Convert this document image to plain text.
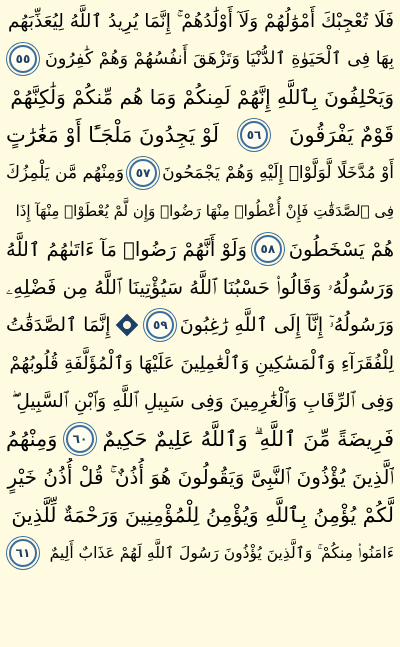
فَلَا تُعْجِبْكَ أَمْوَٰلُهُمْ وَلَآ أَوْلَٰدُهُمْ ۚ إِنَّمَا يُرِيدُ ٱللَّهُ لِيُعَذِّبَهُم
بِهَا فِى ٱلْحَيَوٰةِ ٱلدُّنْيَا وَتَزْهَقَ أَنفُسُهُمْ وَهُمْ كَٰفِرُونَ
٥٥
وَيَحْلِفُونَ بِٱللَّهِ إِنَّهُمْ لَمِنكُمْ وَمَا هُم مِّنكُمْ وَلَٰكِنَّهُمْ
قَوْمٌ يَفْرَقُونَ
٥٦
لَوْ يَجِدُونَ مَلْجَـًٔا أَوْ مَغَٰرَٰتٍ
أَوْ مُدَّخَلًا لَّوَلَّوْا۟ إِلَيْهِ وَهُمْ يَجْمَحُونَ
٥٧
وَمِنْهُم مَّن يَلْمِزُكَ
فِى ٱلصَّدَقَٰتِ فَإِنْ أُعْطُوا۟ مِنْهَا رَضُوا۟ وَإِن لَّمْ يُعْطَوْا۟ مِنْهَآ إِذَا
هُمْ يَسْخَطُونَ
٥٨
وَلَوْ أَنَّهُمْ رَضُوا۟ مَآ ءَاتَىٰهُمُ ٱللَّهُ
وَرَسُولُهُۥ وَقَالُوا۟ حَسْبُنَا ٱللَّهُ سَيُؤْتِينَا ٱللَّهُ مِن فَضْلِهِۦ
وَرَسُولُهُۥٓ إِنَّآ إِلَى ٱللَّهِ رَٰغِبُونَ
٥٩
إِنَّمَا ٱلصَّدَقَٰتُ
لِلْفُقَرَآءِ وَٱلْمَسَٰكِينِ وَٱلْعَٰمِلِينَ عَلَيْهَا وَٱلْمُؤَلَّفَةِ قُلُوبُهُمْ
وَفِى ٱلرِّقَابِ وَٱلْغَٰرِمِينَ وَفِى سَبِيلِ ٱللَّهِ وَٱبْنِ ٱلسَّبِيلِ ۖ
فَرِيضَةً مِّنَ ٱللَّهِ ۗ وَٱللَّهُ عَلِيمٌ حَكِيمٌ
٦٠
وَمِنْهُمُ
ٱلَّذِينَ يُؤْذُونَ ٱلنَّبِىَّ وَيَقُولُونَ هُوَ أُذُنٌ ۚ قُلْ أُذُنُ خَيْرٍ
لَّكُمْ يُؤْمِنُ بِٱللَّهِ وَيُؤْمِنُ لِلْمُؤْمِنِينَ وَرَحْمَةٌ لِّلَّذِينَ
ءَامَنُوا۟ مِنكُمْ ۚ وَٱلَّذِينَ يُؤْذُونَ رَسُولَ ٱللَّهِ لَهُمْ عَذَابٌ أَلِيمٌ
٦١
